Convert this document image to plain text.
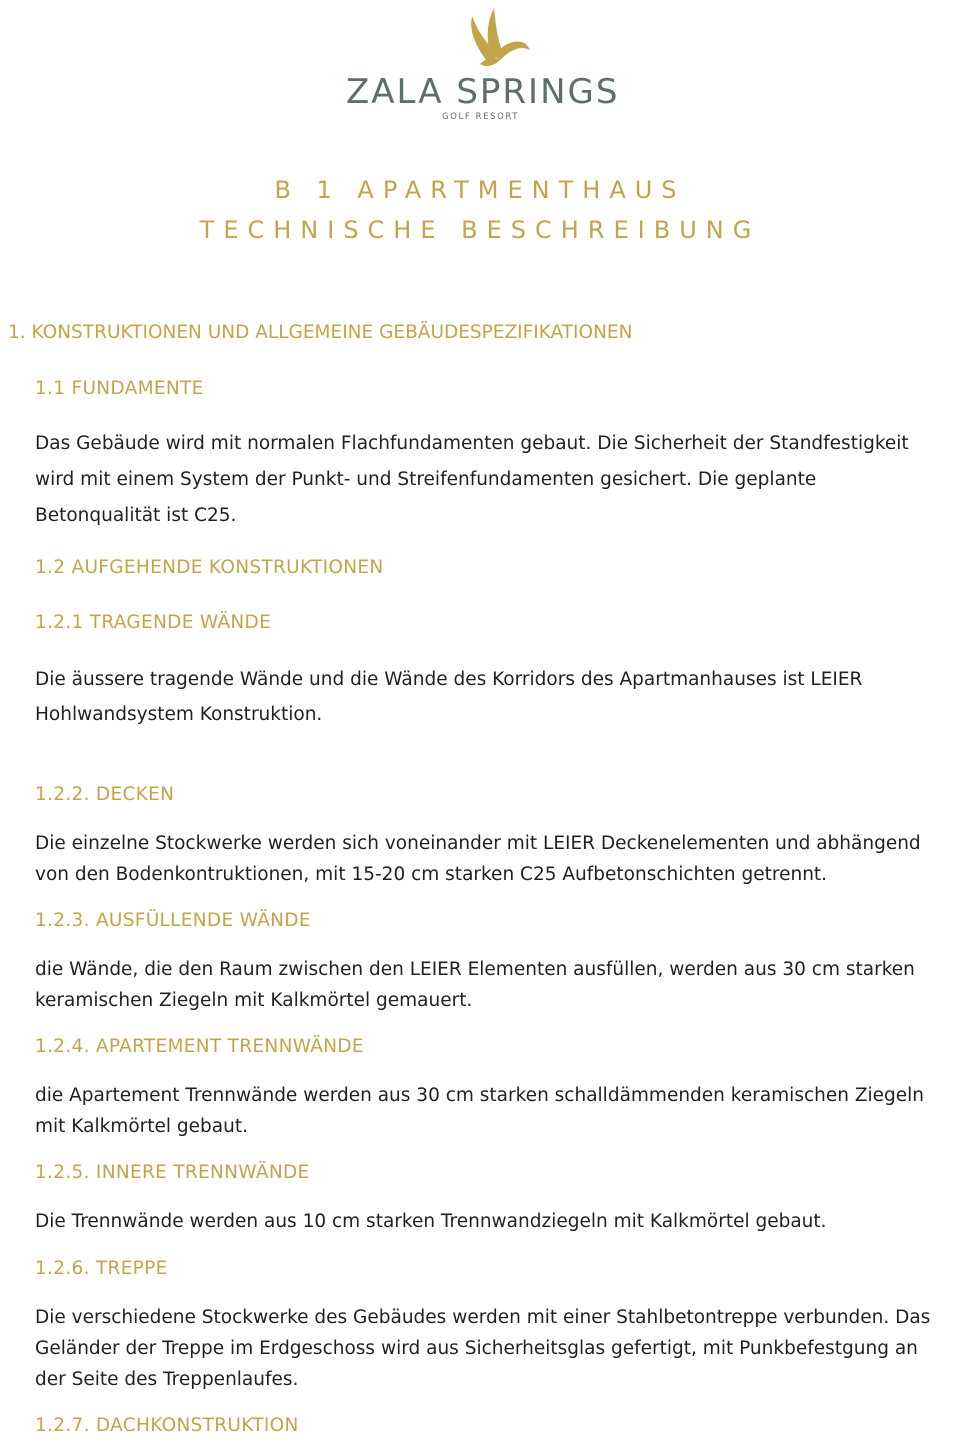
ZALA SPRINGS
GOLF RESORT
B 1 APARTMENTHAUS
TECHNISCHE BESCHREIBUNG
1. KONSTRUKTIONEN UND ALLGEMEINE GEBÄUDESPEZIFIKATIONEN
1.1 FUNDAMENTE
Das Gebäude wird mit normalen Flachfundamenten gebaut. Die Sicherheit der Standfestigkeit
wird mit einem System der Punkt- und Streifenfundamenten gesichert. Die geplante
Betonqualität ist C25.
1.2 AUFGEHENDE KONSTRUKTIONEN
1.2.1 TRAGENDE WÄNDE
Die äussere tragende Wände und die Wände des Korridors des Apartmanhauses ist LEIER
Hohlwandsystem Konstruktion.
1.2.2. DECKEN
Die einzelne Stockwerke werden sich voneinander mit LEIER Deckenelementen und abhängend
von den Bodenkontruktionen, mit 15-20 cm starken C25 Aufbetonschichten getrennt.
1.2.3. AUSFÜLLENDE WÄNDE
die Wände, die den Raum zwischen den LEIER Elementen ausfüllen, werden aus 30 cm starken
keramischen Ziegeln mit Kalkmörtel gemauert.
1.2.4. APARTEMENT TRENNWÄNDE
die Apartement Trennwände werden aus 30 cm starken schalldämmenden keramischen Ziegeln
mit Kalkmörtel gebaut.
1.2.5. INNERE TRENNWÄNDE
Die Trennwände werden aus 10 cm starken Trennwandziegeln mit Kalkmörtel gebaut.
1.2.6. TREPPE
Die verschiedene Stockwerke des Gebäudes werden mit einer Stahlbetontreppe verbunden. Das
Geländer der Treppe im Erdgeschoss wird aus Sicherheitsglas gefertigt, mit Punkbefestgung an
der Seite des Treppenlaufes.
1.2.7. DACHKONSTRUKTION
